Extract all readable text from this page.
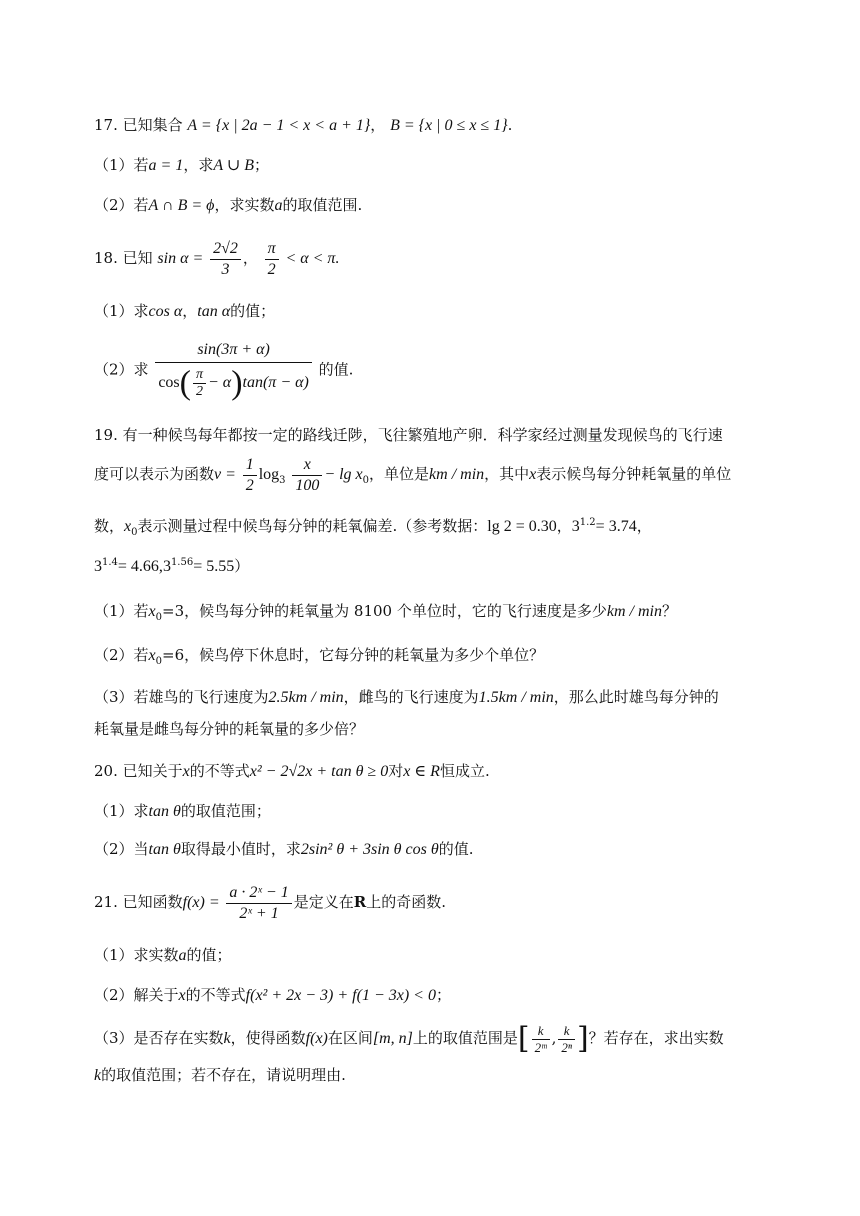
17. 已知集合 A = {x | 2a − 1 < x < a + 1}， B = {x | 0 ≤ x ≤ 1}.
（1）若a = 1，求A ∪ B；
（2）若A ∩ B = ϕ，求实数a的取值范围.
18. 已知 $\sin \alpha = \frac{2√2}{3}$ ， $\frac{\pi}{2} < \alpha < \pi$.
（1）求cos α，tan α的值；
（2）求 $\frac{\sin(3\pi + \alpha)}{\cos( \frac{\pi}{2} - \alpha)\tan(\pi - \alpha)}$ 的值.
19. 有一种候鸟每年都按一定的路线迁陟，飞往繁殖地产卵．科学家经过测量发现候鸟的飞行速
度可以表示为函数$v = \frac{1}{2} \log_3 \frac{x}{100} - \lg x_0$，单位是km / min，其中x表示候鸟每分钟耗氧量的单位
数，$x_0$表示测量过程中候鸟每分钟的耗氧偏差.（参考数据：lg 2 = 0.30，$3^{1.2}= 3.74$，
$3^{1.4}= 4.66,3^{1.56}= 5.55$）
（1）若$x_0=3$，候鸟每分钟的耗氧量为 8100 个单位时，它的飞行速度是多少km / min？
（2）若$x_0=6$，候鸟停下休息时，它每分钟的耗氧量为多少个单位？
（3）若雄鸟的飞行速度为2.5km / min，雌鸟的飞行速度为1.5km / min，那么此时雄鸟每分钟的
耗氧量是雌鸟每分钟的耗氧量的多少倍？
20. 已知关于x的不等式x² − 2√2x + tan θ ≥ 0对x ∈ R恒成立.
（1）求tan θ的取值范围；
（2）当tan θ取得最小值时，求2sin² θ + 3sin θ cos θ的值.
21. 已知函数$f(x) = \frac{\text{a · 2ˣ − 1}}{\text{2ˣ + 1}}$ 是定义在R上的奇函数.
（1）求实数a的值；
（2）解关于x的不等式f(x² + 2x − 3) + f(1 − 3x) < 0；
（3）是否存在实数k，使得函数f(x)在区间[m, n]上的取值范围是[ $\frac{k}{\text{2ᵐ}}$ , $\frac{k}{\text{2ⁿ}}$ ]？若存在，求出实数
k的取值范围；若不存在，请说明理由.
